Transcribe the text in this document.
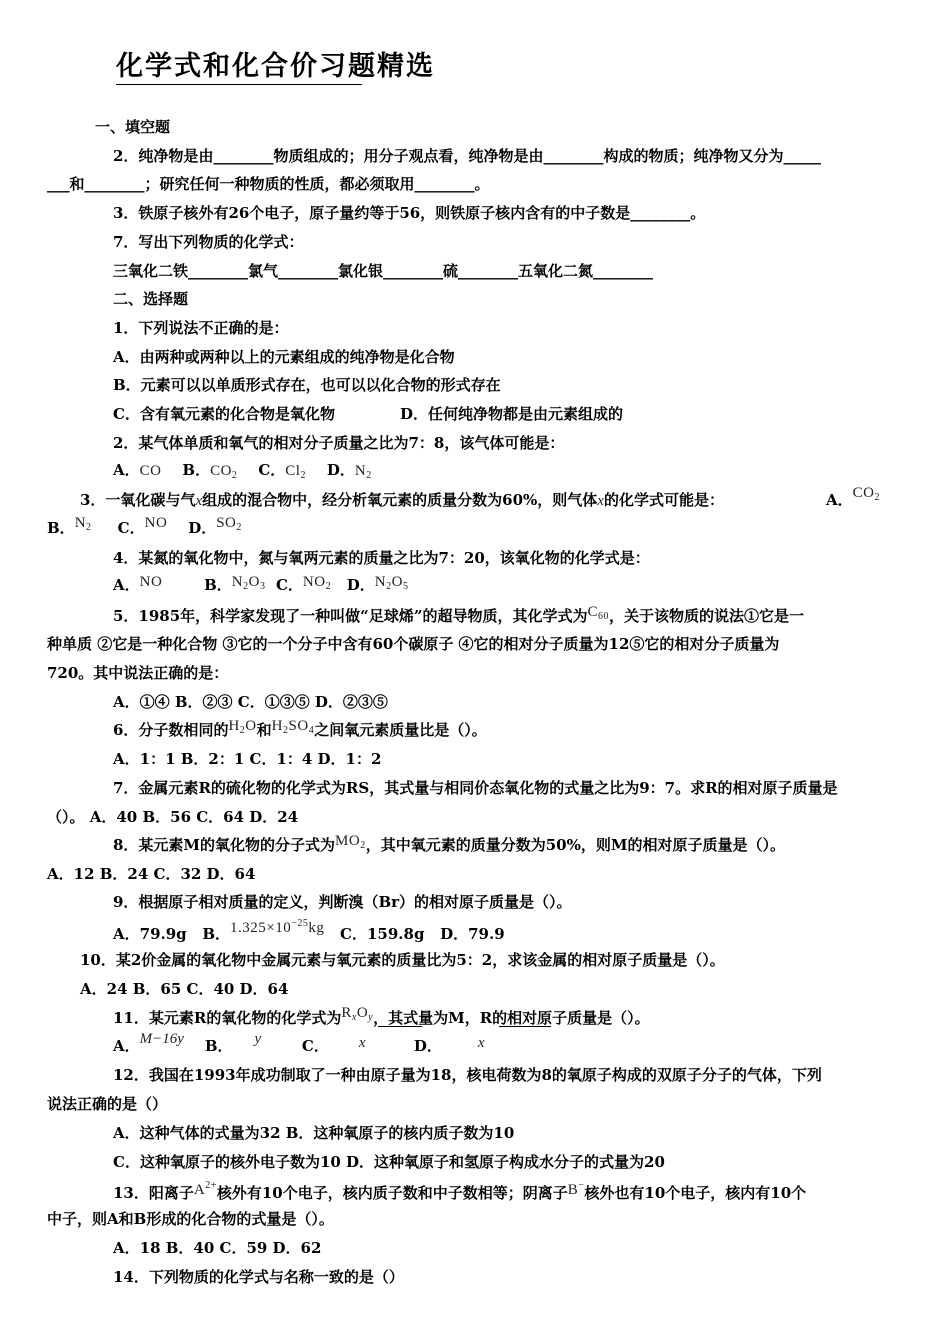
化学式和化合价习题精选
一、填空题
2．纯净物是由________物质组成的；用分子观点看，纯净物是由________构成的物质；纯净物又分为_____
___和________；研究任何一种物质的性质，都必须取用________。
3．铁原子核外有26个电子，原子量约等于56，则铁原子核内含有的中子数是________。
7．写出下列物质的化学式：
三氧化二铁________氯气________氯化银________硫________五氧化二氮________
二、选择题
1．下列说法不正确的是：
A．由两种或两种以上的元素组成的纯净物是化合物
B．元素可以以单质形式存在，也可以以化合物的形式存在
C．含有氧元素的化合物是氧化物	D．任何纯净物都是由元素组成的
2．某气体单质和氧气的相对分子质量之比为7：8，该气体可能是：
A．CO B．$CO_2$ C．$Cl_2$ D．$N_2$
3．一氧化碳与气x组成的混合物中，经分析氧元素的质量分数为60%，则气体x的化学式可能是：	A．$CO_2$
B．$N_2$ C．NO D．$SO_2$
4．某氮的氧化物中，氮与氧两元素的质量之比为7：20，该氧化物的化学式是：
A．NO	B．$N_2O_3$ C．$NO_2$ D．$N_2O_5$
5．1985年，科学家发现了一种叫做“足球烯”的超导物质，其化学式为$C_{60}$，关于该物质的说法①它是一
种单质 ②它是一种化合物 ③它的一个分子中含有60个碳原子 ④它的相对分子质量为12⑤它的相对分子质量为
720。其中说法正确的是：
A．①④ B．②③ C．①③⑤ D．②③⑤
6．分子数相同的$H_2O$和$H_2SO_4$之间氧元素质量比是（）。
A．1：1 B．2：1 C．1：4 D．1：2
7．金属元素R的硫化物的化学式为RS，其式量与相同价态氧化物的式量之比为9：7。求R的相对原子质量是
（）。 A．40 B．56 C．64 D．24
8．某元素M的氧化物的分子式为$MO_2$，其中氧元素的质量分数为50%，则M的相对原子质量是（）。
A．12 B．24 C．32 D．64
9．根据原子相对质量的定义，判断溴（Br）的相对原子质量是（）。
A．79.9g   B．$1.325\times 10^{-25}kg$ C．159.8g   D．79.9
10．某2价金属的氧化物中金属元素与氧元素的质量比为5：2，求该金属的相对原子质量是（）。
A．24 B．65 C．40 D．64
11．某元素R的氧化物的化学式为$R_xO_y$，其式量为M，R的相对原子质量是（）。
A．M−16y B． y	C． x	D． x
12．我国在1993年成功制取了一种由原子量为18，核电荷数为8的氧原子构成的双原子分子的气体，下列
说法正确的是（）
A．这种气体的式量为32 B．这种氧原子的核内质子数为10
C．这种氧原子的核外电子数为10 D．这种氧原子和氢原子构成水分子的式量为20
13．阳离子$A^{2+}$核外有10个电子，核内质子数和中子数相等；阴离子B−核外也有10个电子，核内有10个
中子，则A和B形成的化合物的式量是（）。
A．18 B．40 C．59 D．62
14．下列物质的化学式与名称一致的是（）
